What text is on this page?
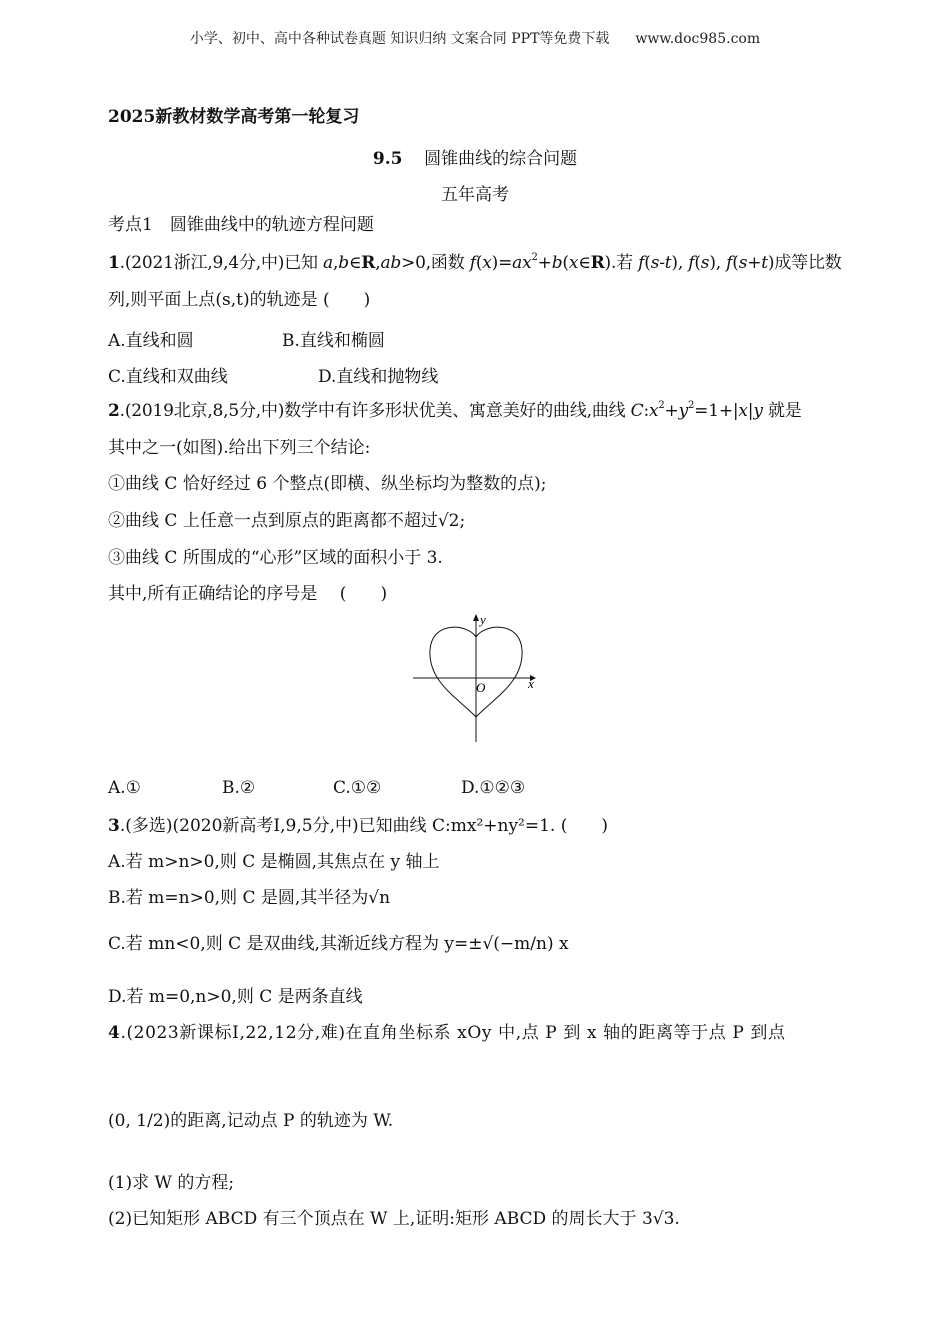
小学、初中、高中各种试卷真题 知识归纳 文案合同 PPT等免费下载 www.doc985.com
2025新教材数学高考第一轮复习
9.5 圆锥曲线的综合问题
五年高考
考点1　圆锥曲线中的轨迹方程问题
1.(2021浙江,9,4分,中)已知 a,b∈R,ab>0,函数 $f(x)=ax^2+b(x\in R)$.若 f(s-t), f(s), f(s+t)成等比数
列,则平面上点(s,t)的轨迹是 (　　)
A.直线和圆	B.直线和椭圆
C.直线和双曲线	D.直线和抛物线
2.(2019北京,8,5分,中)数学中有许多形状优美、寓意美好的曲线,曲线 $C:x^2+y^2=1+|x|y$ 就是
其中之一(如图).给出下列三个结论:
①曲线 C 恰好经过 6 个整点(即横、纵坐标均为整数的点);
②曲线 C 上任意一点到原点的距离都不超过√2;
③曲线 C 所围成的“心形”区域的面积小于 3.
其中,所有正确结论的序号是　 (　　)
y
x
O
A.①	B.②	C.①②	D.①②③
3.(多选)(2020新高考Ⅰ,9,5分,中)已知曲线 C:mx²+ny²=1. (　　)
A.若 m>n>0,则 C 是椭圆,其焦点在 y 轴上
B.若 m=n>0,则 C 是圆,其半径为√n
C.若 mn<0,则 C 是双曲线,其渐近线方程为 y=±√(−m/n) x
D.若 m=0,n>0,则 C 是两条直线
4.(2023新课标Ⅰ,22,12分,难)在直角坐标系 xOy 中,点 P 到 x 轴的距离等于点 P 到点
(0, 1/2)的距离,记动点 P 的轨迹为 W.
(1)求 W 的方程;
(2)已知矩形 ABCD 有三个顶点在 W 上,证明:矩形 ABCD 的周长大于 3√3.
